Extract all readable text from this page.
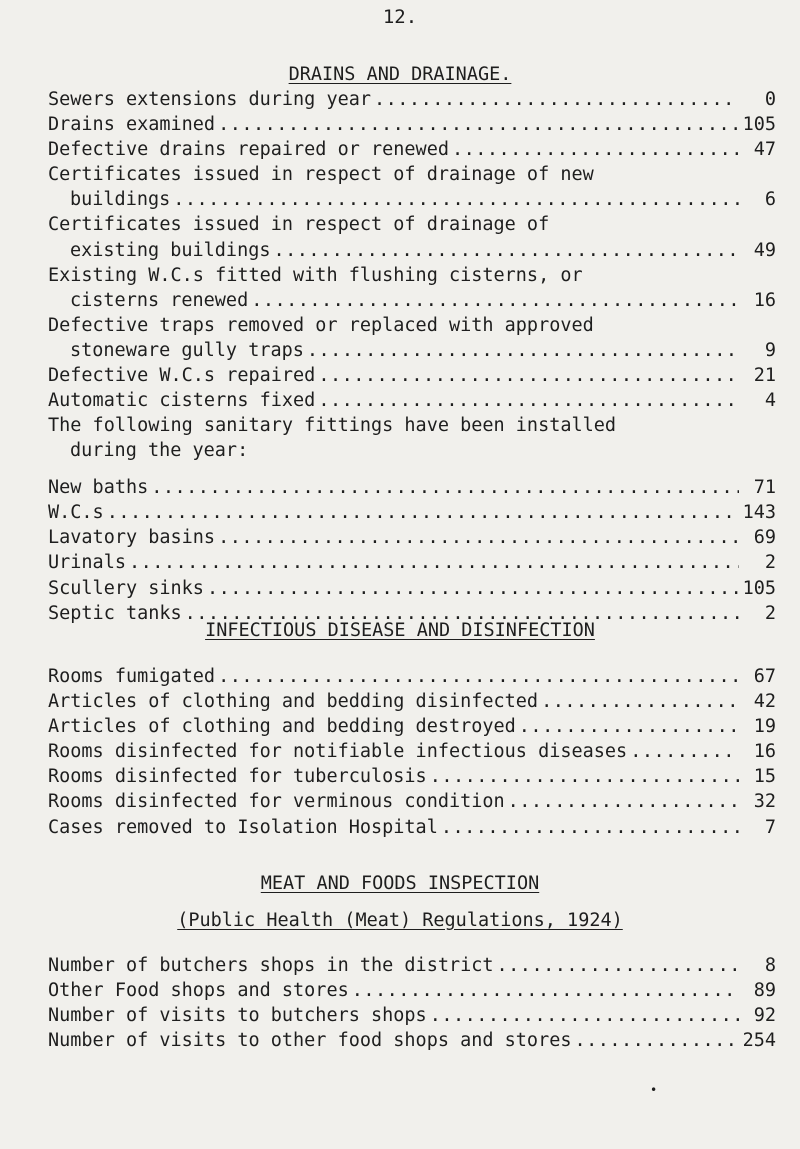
12.
DRAINS AND DRAINAGE.
Sewers extensions during year .....	0
Drains examined .....	105
Defective drains repaired or renewed .....	47
Certificates issued in respect of drainage of new
buildings .....	6
Certificates issued in respect of drainage of
existing buildings .....	49
Existing W.C.s fitted with flushing cisterns, or
cisterns renewed .....	16
Defective traps removed or replaced with approved
stoneware gully traps .....	9
Defective W.C.s repaired .....	21
Automatic cisterns fixed .....	4
The following sanitary fittings have been installed
during the year:
New baths .....	71
W.C.s .....	143
Lavatory basins .....	69
Urinals .....	2
Scullery sinks .....	105
Septic tanks .....	2
INFECTIOUS DISEASE AND DISINFECTION
Rooms fumigated .....	67
Articles of clothing and bedding disinfected .....	42
Articles of clothing and bedding destroyed .....	19
Rooms disinfected for notifiable infectious diseases .....	16
Rooms disinfected for tuberculosis .....	15
Rooms disinfected for verminous condition .....	32
Cases removed to Isolation Hospital .....	7
MEAT AND FOODS INSPECTION
(Public Health (Meat) Regulations, 1924)
Number of butchers shops in the district .....	8
Other Food shops and stores .....	89
Number of visits to butchers shops .....	92
Number of visits to other food shops and stores .....	254
•
